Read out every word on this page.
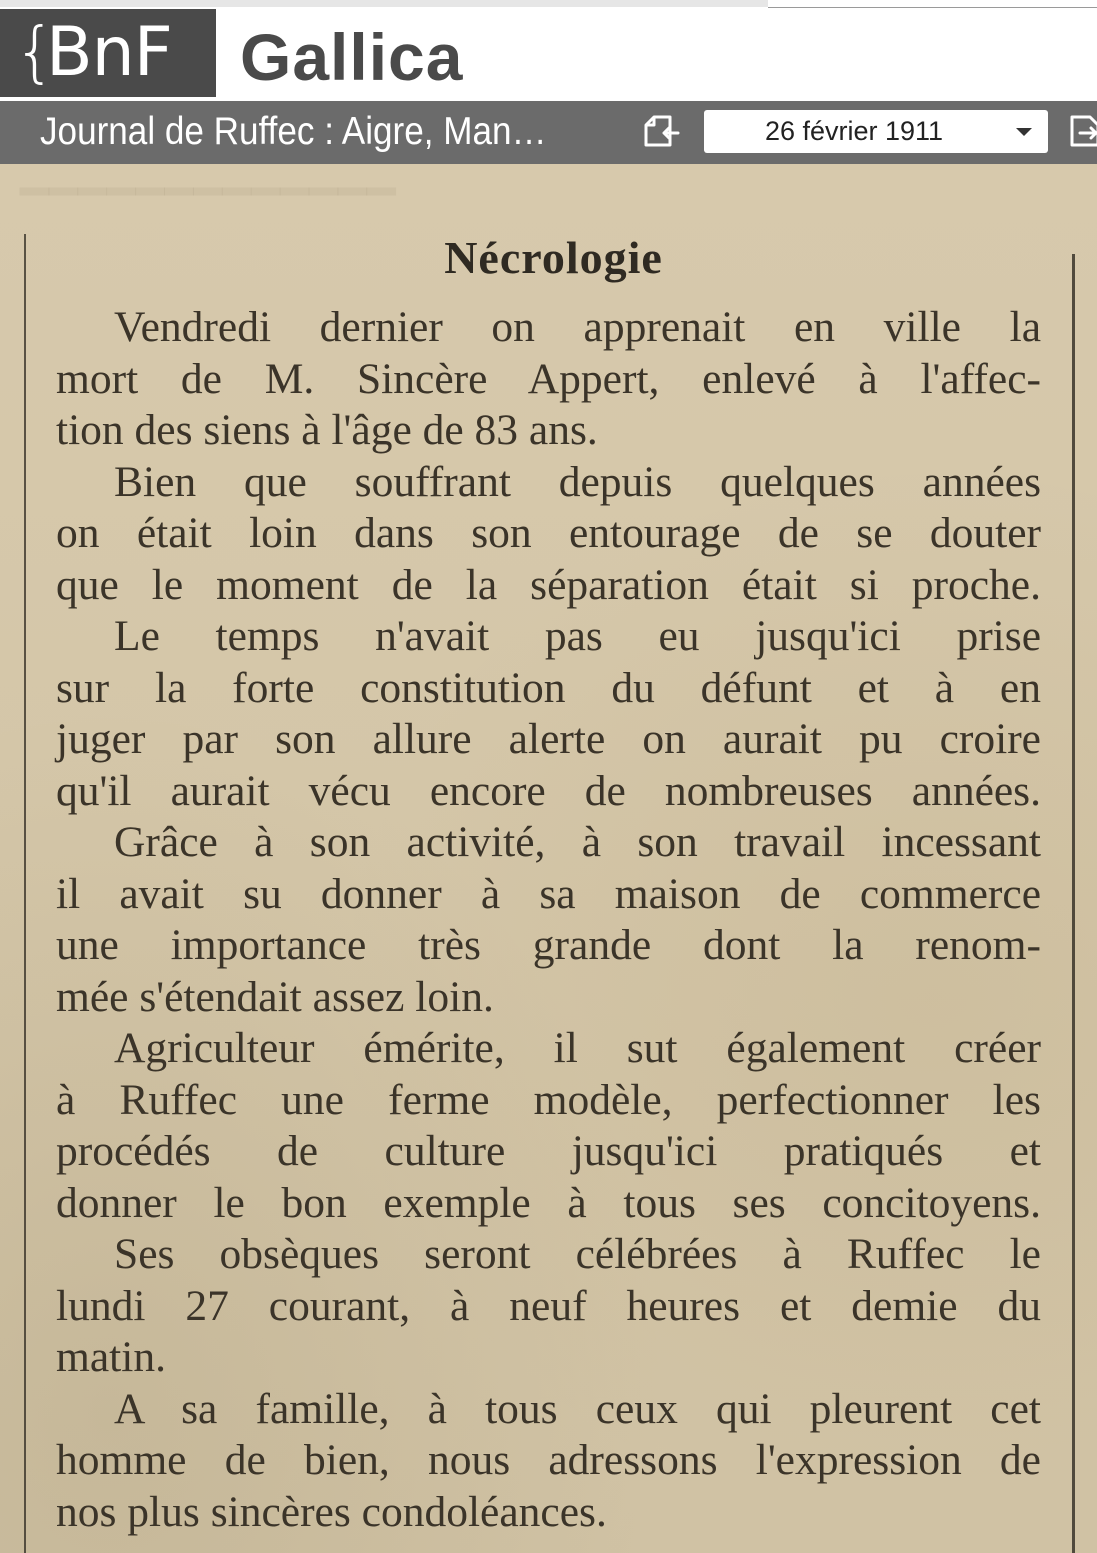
{
BnF Gallica
Journal de Ruffec : Aigre, Man…	26 février 1911
━━━━━━━━━━━━━
Nécrologie
Vendredi dernier on apprenait en ville la
mort de M. Sincère Appert, enlevé à l'affec-
tion des siens à l'âge de 83 ans.
Bien que souffrant depuis quelques années
on était loin dans son entourage de se douter
que le moment de la séparation était si proche.
Le temps n'avait pas eu jusqu'ici prise
sur la forte constitution du défunt et à en
juger par son allure alerte on aurait pu croire
qu'il aurait vécu encore de nombreuses années.
Grâce à son activité, à son travail incessant
il avait su donner à sa maison de commerce
une importance très grande dont la renom-
mée s'étendait assez loin.
Agriculteur émérite, il sut également créer
à Ruffec une ferme modèle, perfectionner les
procédés de culture jusqu'ici pratiqués et
donner le bon exemple à tous ses concitoyens.
Ses obsèques seront célébrées à Ruffec le
lundi 27 courant, à neuf heures et demie du
matin.
A sa famille, à tous ceux qui pleurent cet
homme de bien, nous adressons l'expression de
nos plus sincères condoléances.
